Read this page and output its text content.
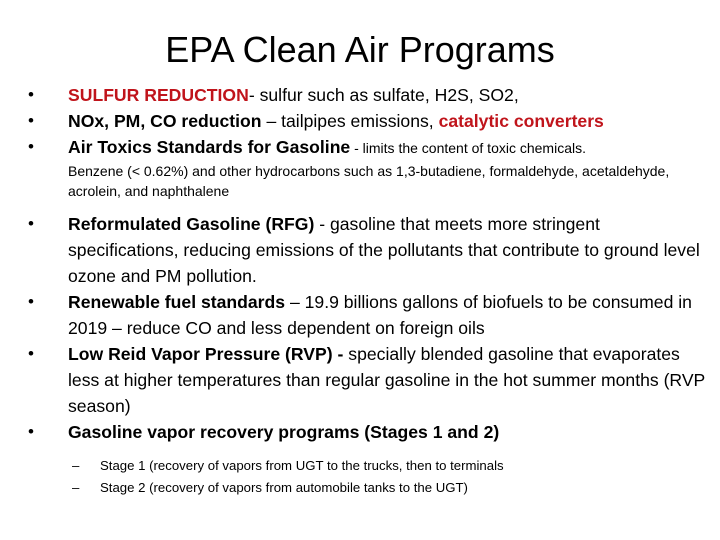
EPA Clean Air Programs
• SULFUR REDUCTION- sulfur such as sulfate, H2S, SO2,
• NOx, PM, CO reduction – tailpipes emissions, catalytic converters
• Air Toxics Standards for Gasoline - limits the content of toxic chemicals.
Benzene (< 0.62%) and other hydrocarbons such as 1,3-butadiene, formaldehyde, acetaldehyde, acrolein, and naphthalene
• Reformulated Gasoline (RFG) - gasoline that meets more stringent specifications, reducing emissions of the pollutants that contribute to ground level ozone and PM pollution.
• Renewable fuel standards – 19.9 billions gallons of biofuels to be consumed in 2019 – reduce CO and less dependent on foreign oils
• Low Reid Vapor Pressure (RVP) - specially blended gasoline that evaporates less at higher temperatures than regular gasoline in the hot summer months (RVP season)
• Gasoline vapor recovery programs (Stages 1 and 2)
– Stage 1 (recovery of vapors from UGT to the trucks, then to terminals
– Stage 2 (recovery of vapors from automobile tanks to the UGT)
